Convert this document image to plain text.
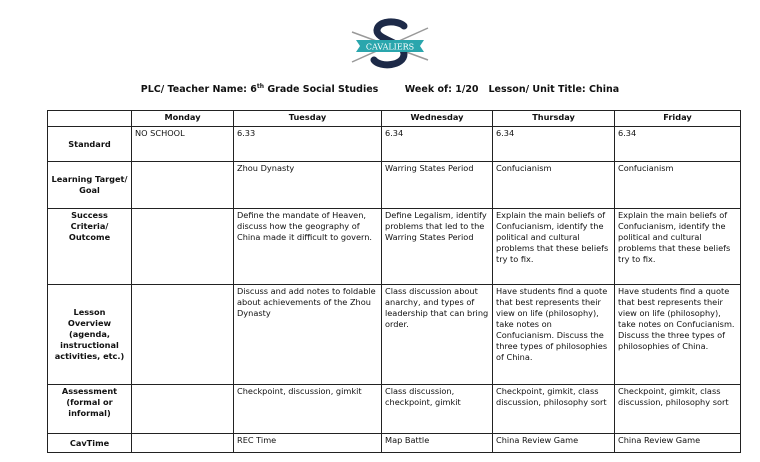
CAVALIERS
PLC/ Teacher Name: 6th Grade Social Studies	Week of: 1/20 Lesson/ Unit Title: China
	Monday	Tuesday	Wednesday	Thursday	Friday
Standard	NO SCHOOL	6.33	6.34	6.34	6.34
Learning Target/ Goal		Zhou Dynasty	Warring States Period	Confucianism	Confucianism
Success Criteria/ Outcome		Define the mandate of Heaven, discuss how the geography of China made it difficult to govern.	Define Legalism, identify problems that led to the Warring States Period	Explain the main beliefs of Confucianism, identify the political and cultural problems that these beliefs try to fix.	Explain the main beliefs of Confucianism, identify the political and cultural problems that these beliefs try to fix.
Lesson Overview (agenda, instructional activities, etc.)		Discuss and add notes to foldable about achievements of the Zhou Dynasty	Class discussion about anarchy, and types of leadership that can bring order.	Have students find a quote that best represents their view on life (philosophy), take notes on Confucianism. Discuss the three types of philosophies of China.	Have students find a quote that best represents their view on life (philosophy), take notes on Confucianism. Discuss the three types of philosophies of China.
Assessment (formal or informal)		Checkpoint, discussion, gimkit	Class discussion, checkpoint, gimkit	Checkpoint, gimkit, class discussion, philosophy sort	Checkpoint, gimkit, class discussion, philosophy sort
CavTime		REC Time	Map Battle	China Review Game	China Review Game
